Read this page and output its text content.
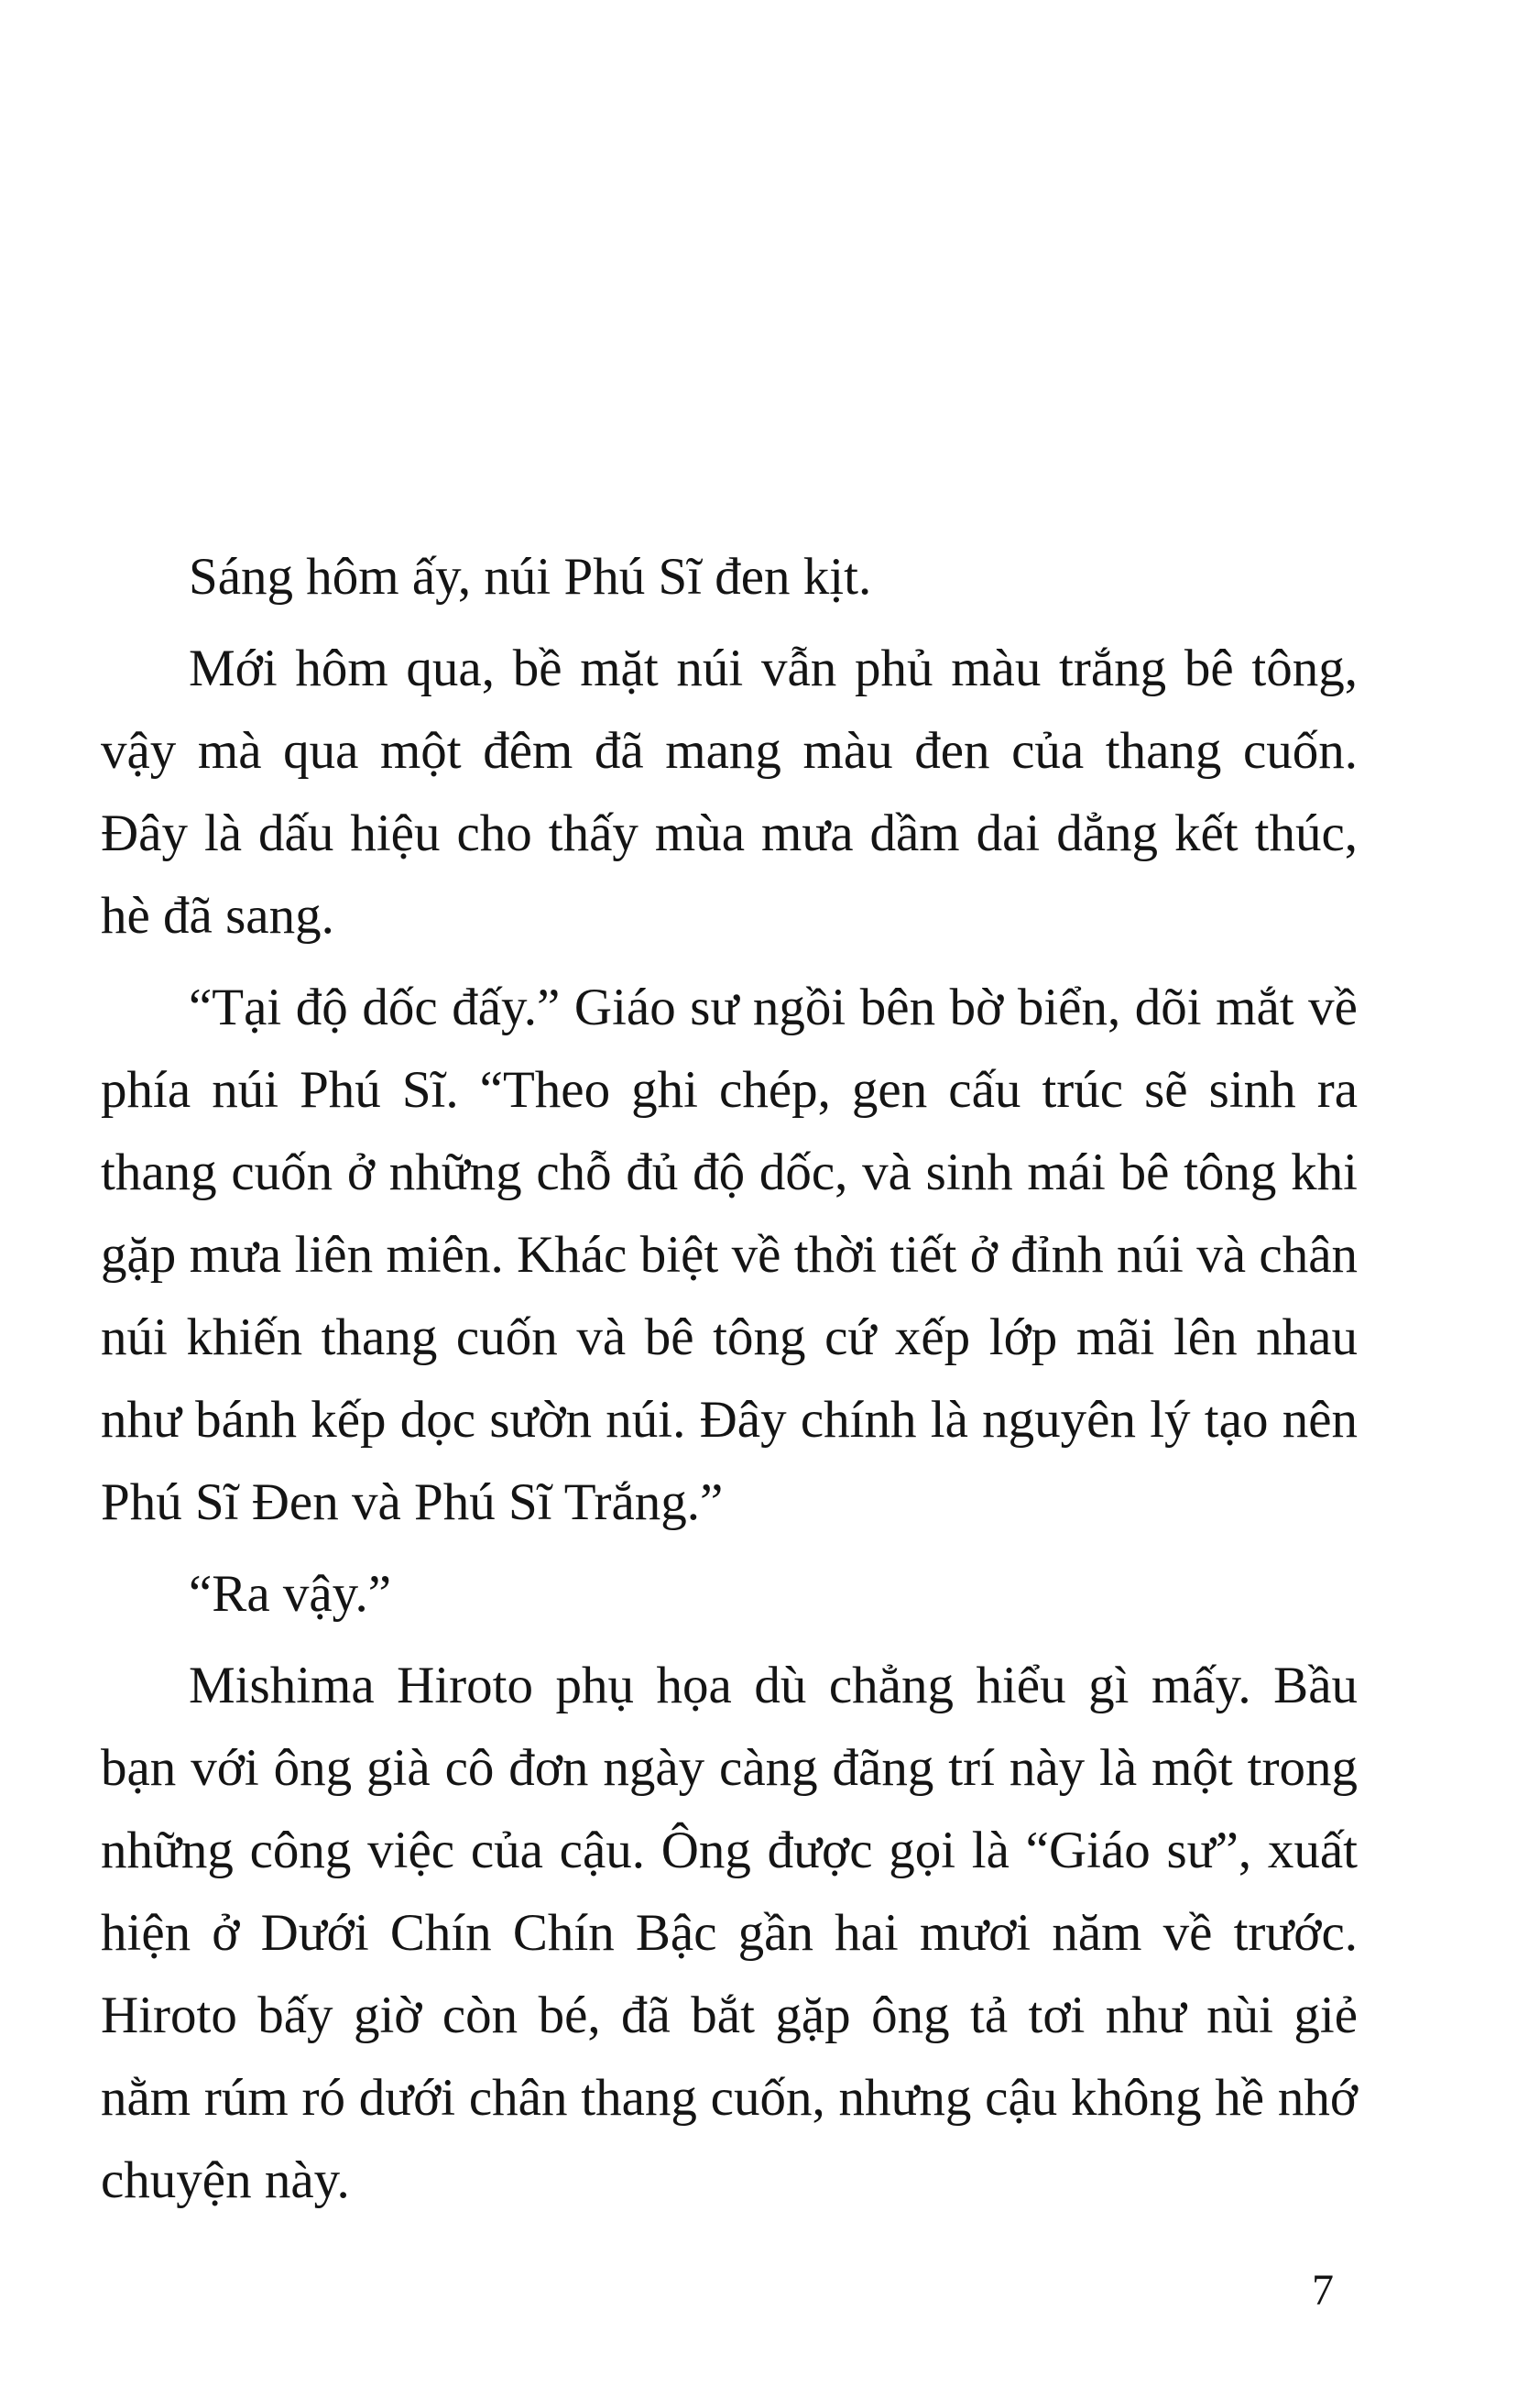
Sáng hôm ấy, núi Phú Sĩ đen kịt.

Mới hôm qua, bề mặt núi vẫn phủ màu trắng bê tông, vậy mà qua một đêm đã mang màu đen của thang cuốn. Đây là dấu hiệu cho thấy mùa mưa dầm dai dẳng kết thúc, hè đã sang.

“Tại độ dốc đấy.” Giáo sư ngồi bên bờ biển, dõi mắt về phía núi Phú Sĩ. “Theo ghi chép, gen cấu trúc sẽ sinh ra thang cuốn ở những chỗ đủ độ dốc, và sinh mái bê tông khi gặp mưa liên miên. Khác biệt về thời tiết ở đỉnh núi và chân núi khiến thang cuốn và bê tông cứ xếp lớp mãi lên nhau như bánh kếp dọc sườn núi. Đây chính là nguyên lý tạo nên Phú Sĩ Đen và Phú Sĩ Trắng.”

“Ra vậy.”

Mishima Hiroto phụ họa dù chẳng hiểu gì mấy. Bầu bạn với ông già cô đơn ngày càng đãng trí này là một trong những công việc của cậu. Ông được gọi là “Giáo sư”, xuất hiện ở Dưới Chín Chín Bậc gần hai mươi năm về trước. Hiroto bấy giờ còn bé, đã bắt gặp ông tả tơi như nùi giẻ nằm rúm ró dưới chân thang cuốn, nhưng cậu không hề nhớ chuyện này.

7
